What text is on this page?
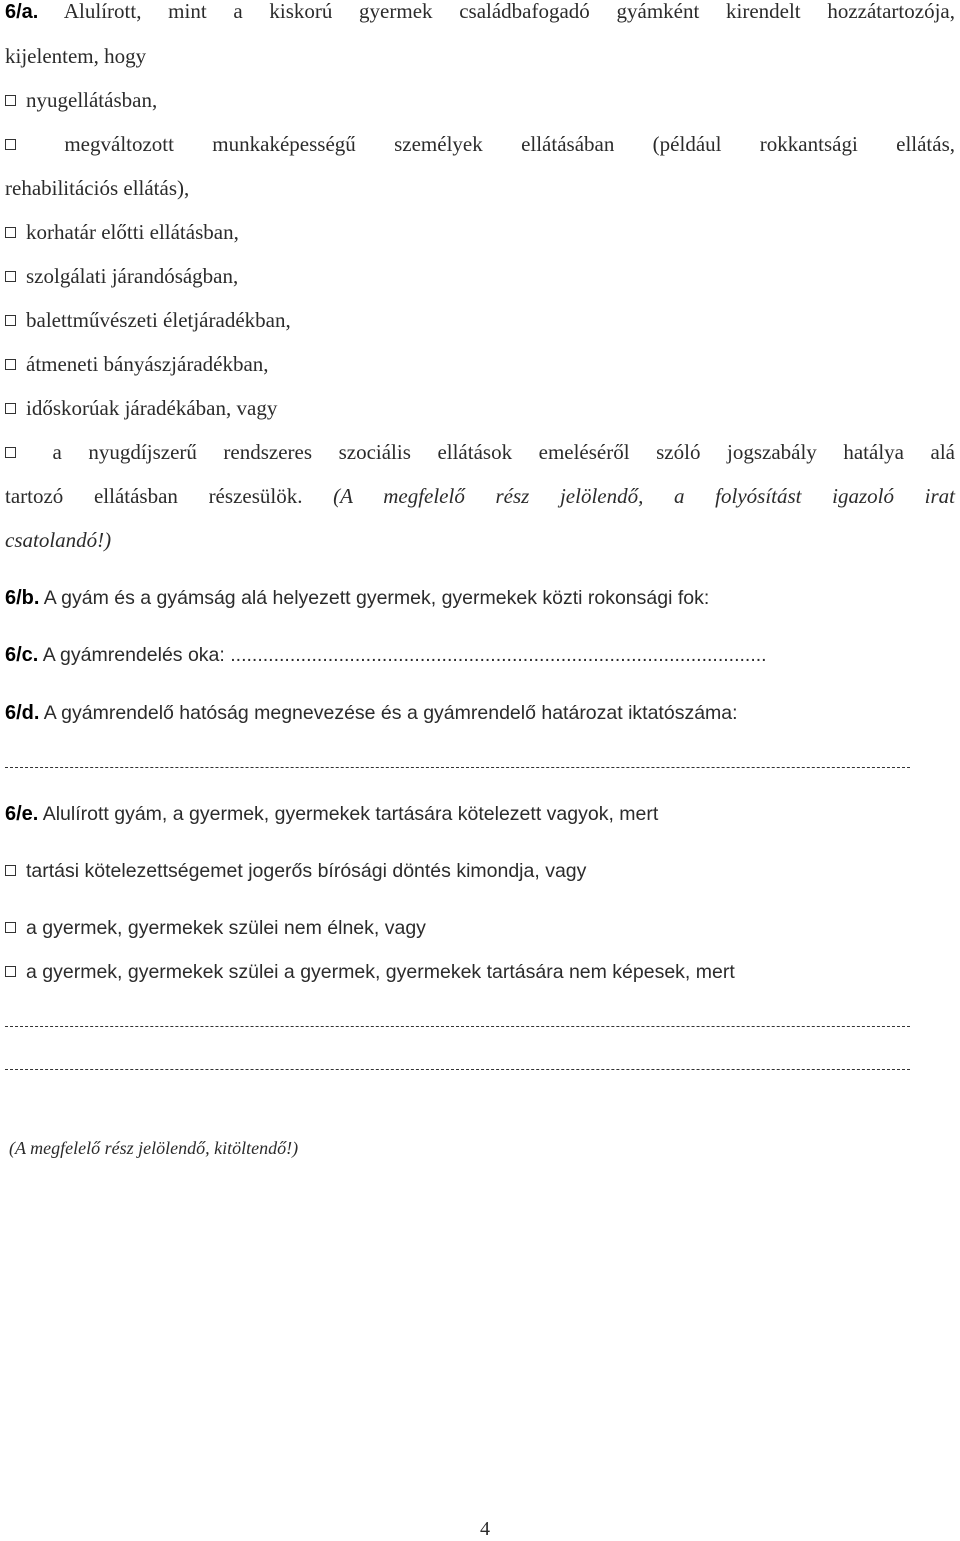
6/a. Alulírott, mint a kiskorú gyermek családbafogadó gyámként kirendelt hozzátartozója,
kijelentem, hogy
nyugellátásban,
megváltozott munkaképességű személyek ellátásában (például rokkantsági ellátás,
rehabilitációs ellátás),
korhatár előtti ellátásban,
szolgálati járandóságban,
balettművészeti életjáradékban,
átmeneti bányászjáradékban,
időskorúak járadékában, vagy
a nyugdíjszerű rendszeres szociális ellátások emeléséről szóló jogszabály hatálya alá
tartozó ellátásban részesülök. (A megfelelő rész jelölendő, a folyósítást igazoló irat
csatolandó!)
6/b. A gyám és a gyámság alá helyezett gyermek, gyermekek közti rokonsági fok:
6/c. A gyámrendelés oka: ...................................................................................................
6/d. A gyámrendelő hatóság megnevezése és a gyámrendelő határozat iktatószáma:
6/e. Alulírott gyám, a gyermek, gyermekek tartására kötelezett vagyok, mert
tartási kötelezettségemet jogerős bírósági döntés kimondja, vagy
a gyermek, gyermekek szülei nem élnek, vagy
a gyermek, gyermekek szülei a gyermek, gyermekek tartására nem képesek, mert
(A megfelelő rész jelölendő, kitöltendő!)
4
